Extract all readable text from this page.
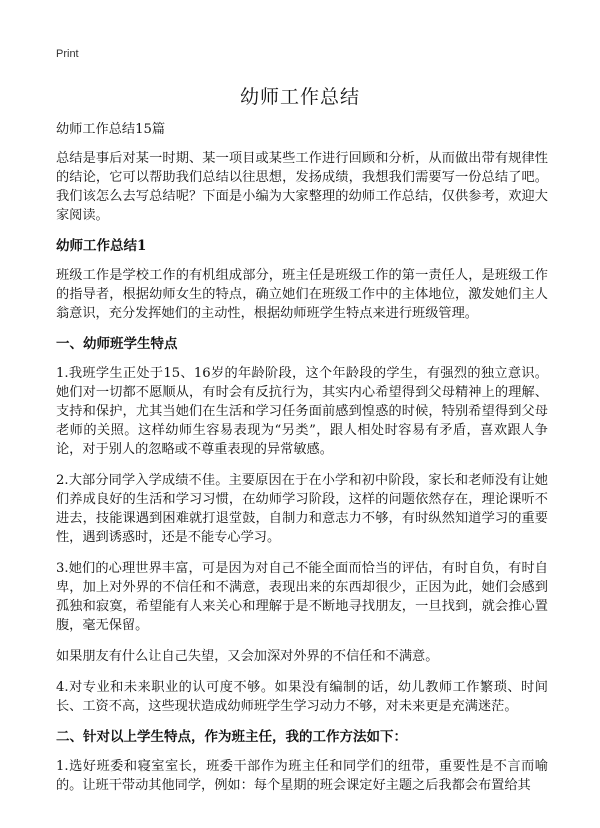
Print
幼师工作总结

幼师工作总结15篇

总结是事后对某一时期、某一项目或某些工作进行回顾和分析，从而做出带有规律性的结论，它可以帮助我们总结以往思想，发扬成绩，我想我们需要写一份总结了吧。我们该怎么去写总结呢？下面是小编为大家整理的幼师工作总结，仅供参考，欢迎大家阅读。

幼师工作总结1

班级工作是学校工作的有机组成部分，班主任是班级工作的第一责任人，是班级工作的指导者，根据幼师女生的特点，确立她们在班级工作中的主体地位，激发她们主人翁意识，充分发挥她们的主动性，根据幼师班学生特点来进行班级管理。

一、幼师班学生特点

1.我班学生正处于15、16岁的年龄阶段，这个年龄段的学生，有强烈的独立意识。她们对一切都不愿顺从，有时会有反抗行为，其实内心希望得到父母精神上的理解、支持和保护，尤其当她们在生活和学习任务面前感到惶惑的时候，特别希望得到父母老师的关照。这样幼师生容易表现为“另类”，跟人相处时容易有矛盾，喜欢跟人争论，对于别人的忽略或不尊重表现的异常敏感。

2.大部分同学入学成绩不佳。主要原因在于在小学和初中阶段，家长和老师没有让她们养成良好的生活和学习习惯，在幼师学习阶段，这样的问题依然存在，理论课听不进去，技能课遇到困难就打退堂鼓，自制力和意志力不够，有时纵然知道学习的重要性，遇到诱惑时，还是不能专心学习。

3.她们的心理世界丰富，可是因为对自己不能全面而恰当的评估，有时自负，有时自卑，加上对外界的不信任和不满意，表现出来的东西却很少，正因为此，她们会感到孤独和寂寞，希望能有人来关心和理解于是不断地寻找朋友，一旦找到，就会推心置腹，毫无保留。

如果朋友有什么让自己失望，又会加深对外界的不信任和不满意。

4.对专业和未来职业的认可度不够。如果没有编制的话，幼儿教师工作繁琐、时间长、工资不高，这些现状造成幼师班学生学习动力不够，对未来更是充满迷茫。

二、针对以上学生特点，作为班主任，我的工作方法如下：

1.选好班委和寝室室长，班委干部作为班主任和同学们的纽带，重要性是不言而喻的。让班干带动其他同学，例如：每个星期的班会课定好主题之后我都会布置给其
